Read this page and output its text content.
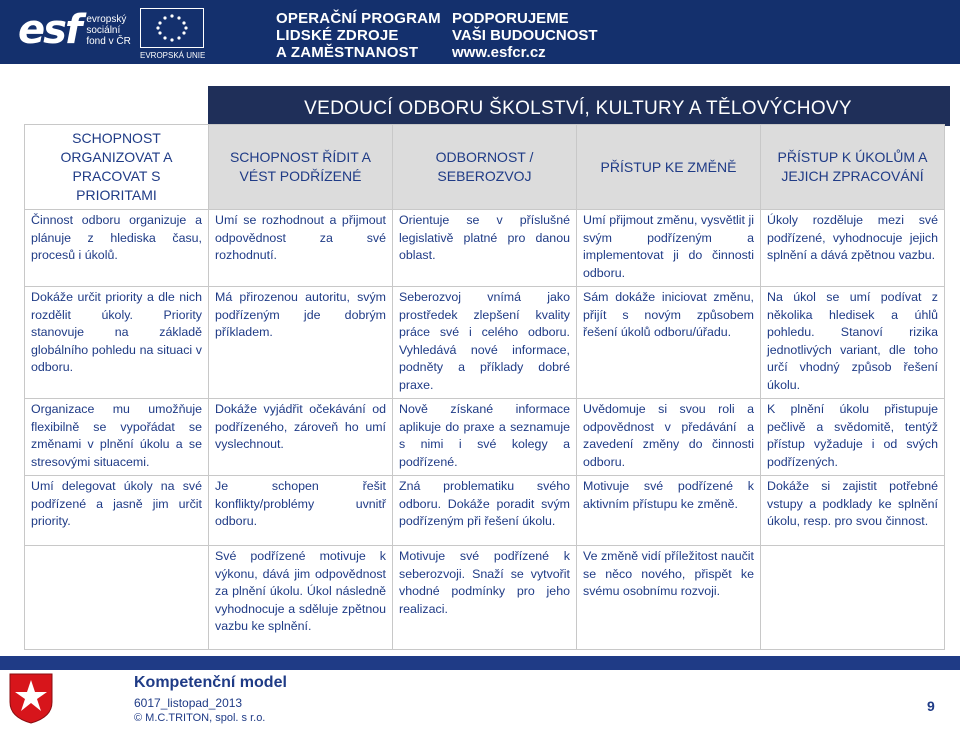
esf evropský
sociální
fond v ČR
EVROPSKÁ UNIE
OPERAČNÍ PROGRAM
LIDSKÉ ZDROJE
A ZAMĚSTNANOST
PODPORUJEME
VAŠI BUDOUCNOST
www.esfcr.cz
VEDOUCÍ ODBORU ŠKOLSTVÍ, KULTURY A TĚLOVÝCHOVY
SCHOPNOST ORGANIZOVAT A PRACOVAT S PRIORITAMI	SCHOPNOST ŘÍDIT A VÉST PODŘÍZENÉ	ODBORNOST / SEBEROZVOJ	PŘÍSTUP KE ZMĚNĚ	PŘÍSTUP K ÚKOLŮM A JEJICH ZPRACOVÁNÍ
Činnost odboru organizuje a plánuje z hlediska času, procesů i úkolů.	Umí se rozhodnout a přijmout odpovědnost za své rozhodnutí.	Orientuje se v příslušné legislativě platné pro danou oblast.	Umí přijmout změnu, vysvětlit ji svým podřízeným a implementovat ji do činnosti odboru.	Úkoly rozděluje mezi své podřízené, vyhodnocuje jejich splnění a dává zpětnou vazbu.
Dokáže určit priority a dle nich rozdělit úkoly. Priority stanovuje na základě globálního pohledu na situaci v odboru.	Má přirozenou autoritu, svým podřízeným jde dobrým příkladem.	Seberozvoj vnímá jako prostředek zlepšení kvality práce své i celého odboru. Vyhledává nové informace, podněty a příklady dobré praxe.	Sám dokáže iniciovat změnu, přijít s novým způsobem řešení úkolů odboru/úřadu.	Na úkol se umí podívat z několika hledisek a úhlů pohledu. Stanoví rizika jednotlivých variant, dle toho určí vhodný způsob řešení úkolu.
Organizace mu umožňuje flexibilně se vypořádat se změnami v plnění úkolu a se stresovými situacemi.	Dokáže vyjádřit očekávání od podřízeného, zároveň ho umí vyslechnout.	Nově získané informace aplikuje do praxe a seznamuje s nimi i své kolegy a podřízené.	Uvědomuje si svou roli a odpovědnost v předávání a zavedení změny do činnosti odboru.	K plnění úkolu přistupuje pečlivě a svědomitě, tentýž přístup vyžaduje i od svých podřízených.
Umí delegovat úkoly na své podřízené a jasně jim určit priority.	Je schopen řešit konflikty/problémy uvnitř odboru.	Zná problematiku svého odboru. Dokáže poradit svým podřízeným při řešení úkolu.	Motivuje své podřízené k aktivním přístupu ke změně.	Dokáže si zajistit potřebné vstupy a podklady ke splnění úkolu, resp. pro svou činnost.
	Své podřízené motivuje k výkonu, dává jim odpovědnost za plnění úkolu. Úkol následně vyhodnocuje a sděluje zpětnou vazbu ke splnění.	Motivuje své podřízené k seberozvoji. Snaží se vytvořit vhodné podmínky pro jeho realizaci.	Ve změně vidí příležitost naučit se něco nového, přispět ke svému osobnímu rozvoji.	
Kompetenční model
6017_listopad_2013
© M.C.TRITON, spol. s r.o.
9
